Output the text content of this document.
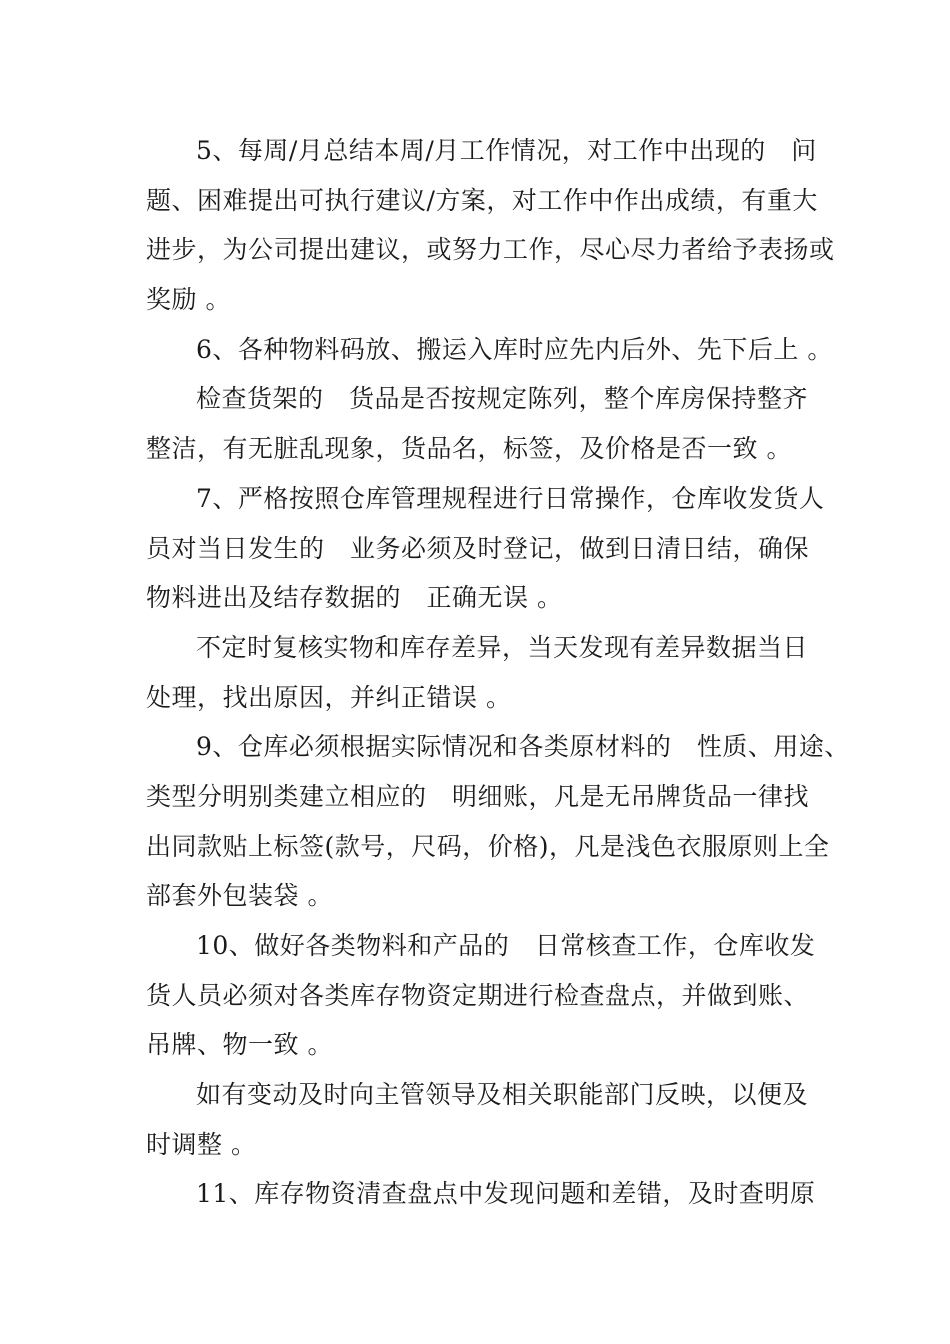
5、每周/月总结本周/月工作情况，对工作中出现的　问

题、困难提出可执行建议/方案，对工作中作出成绩，有重大

进步，为公司提出建议，或努力工作，尽心尽力者给予表扬或

奖励 。

6、各种物料码放、搬运入库时应先内后外、先下后上 。

检查货架的　货品是否按规定陈列，整个库房保持整齐

整洁，有无脏乱现象，货品名，标签，及价格是否一致 。

7、严格按照仓库管理规程进行日常操作，仓库收发货人

员对当日发生的　业务必须及时登记，做到日清日结，确保

物料进出及结存数据的　正确无误 。

不定时复核实物和库存差异，当天发现有差异数据当日

处理，找出原因，并纠正错误 。

9、仓库必须根据实际情况和各类原材料的　性质、用途、

类型分明别类建立相应的　明细账，凡是无吊牌货品一律找

出同款贴上标签(款号，尺码，价格)，凡是浅色衣服原则上全

部套外包装袋 。

10、做好各类物料和产品的　日常核查工作，仓库收发

货人员必须对各类库存物资定期进行检查盘点，并做到账、

吊牌、物一致 。

如有变动及时向主管领导及相关职能部门反映，以便及

时调整 。

11、库存物资清查盘点中发现问题和差错，及时查明原
